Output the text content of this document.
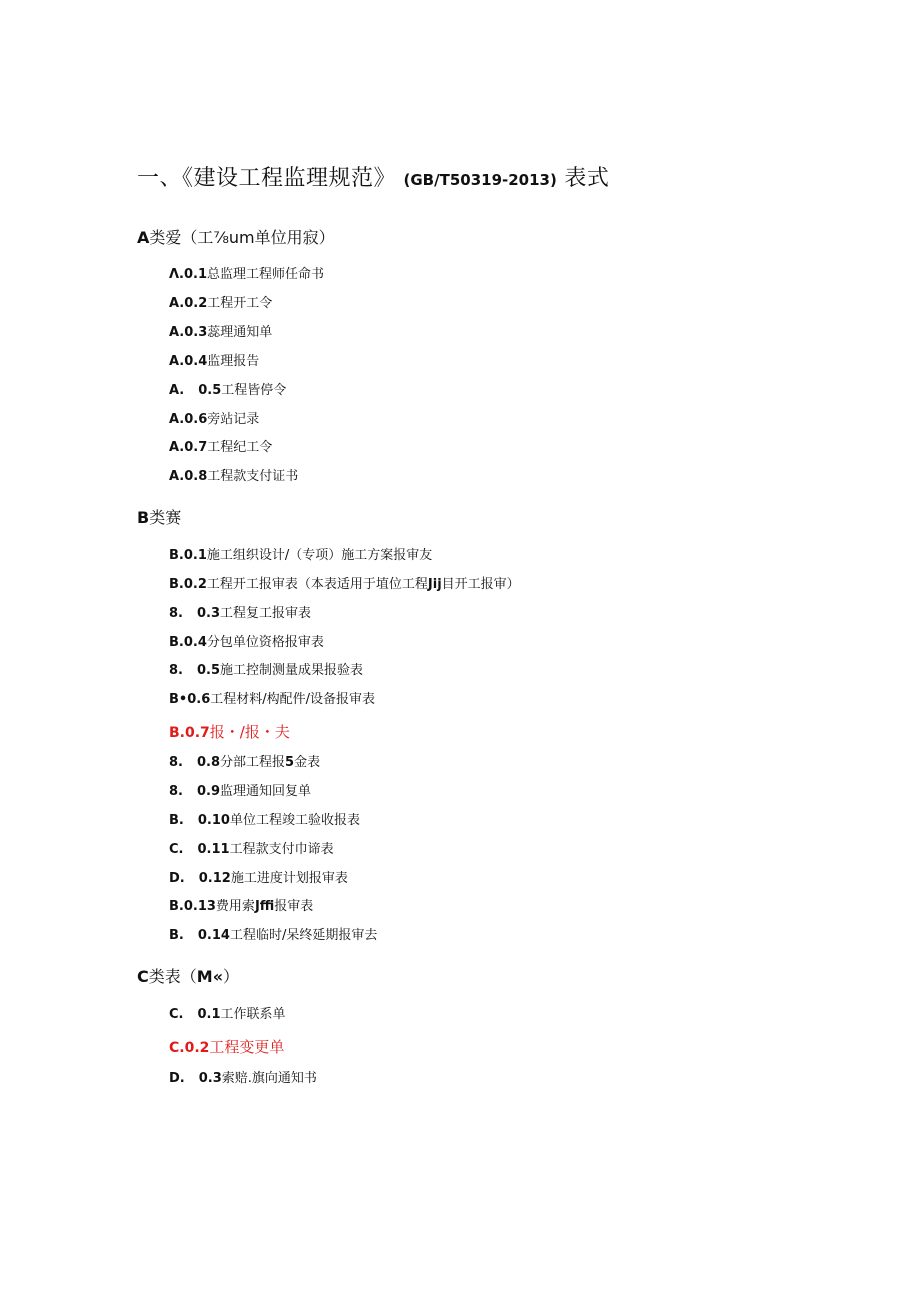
一、《建设工程监理规范》 (GB/T50319-2013) 表式
A类爱（工⅞um单位用寂）
Λ.0.1总监理工程师任命书
A.0.2工程开工令
A.0.3蕊理通知单
A.0.4监理报告
A. 0.5工程皆停令
A.0.6旁站记录
A.0.7工程纪工令
A.0.8工程款支付证书
B类赛
B.0.1施工组织设计/（专项）施工方案报审友
B.0.2工程开工报审表（本表适用于埴位工程Jij目开工报审）
8. 0.3工程复工报审表
B.0.4分包单位资格报审表
8. 0.5施工控制测量成果报验表
B•0.6工程材料/构配件/设备报审表
B.0.7报・/报・夫
8. 0.8分部工程报5金表
8. 0.9监理通知回复单
B. 0.10单位工程竣工验收报表
C. 0.11工程款支付巾谛表
D. 0.12施工进度计划报审表
B.0.13费用索Jffi报审表
B. 0.14工程临时/呆终延期报审去
C类表（M«）
C. 0.1工作联系单
C.0.2工程变更单
D. 0.3索赔.旗向通知书
